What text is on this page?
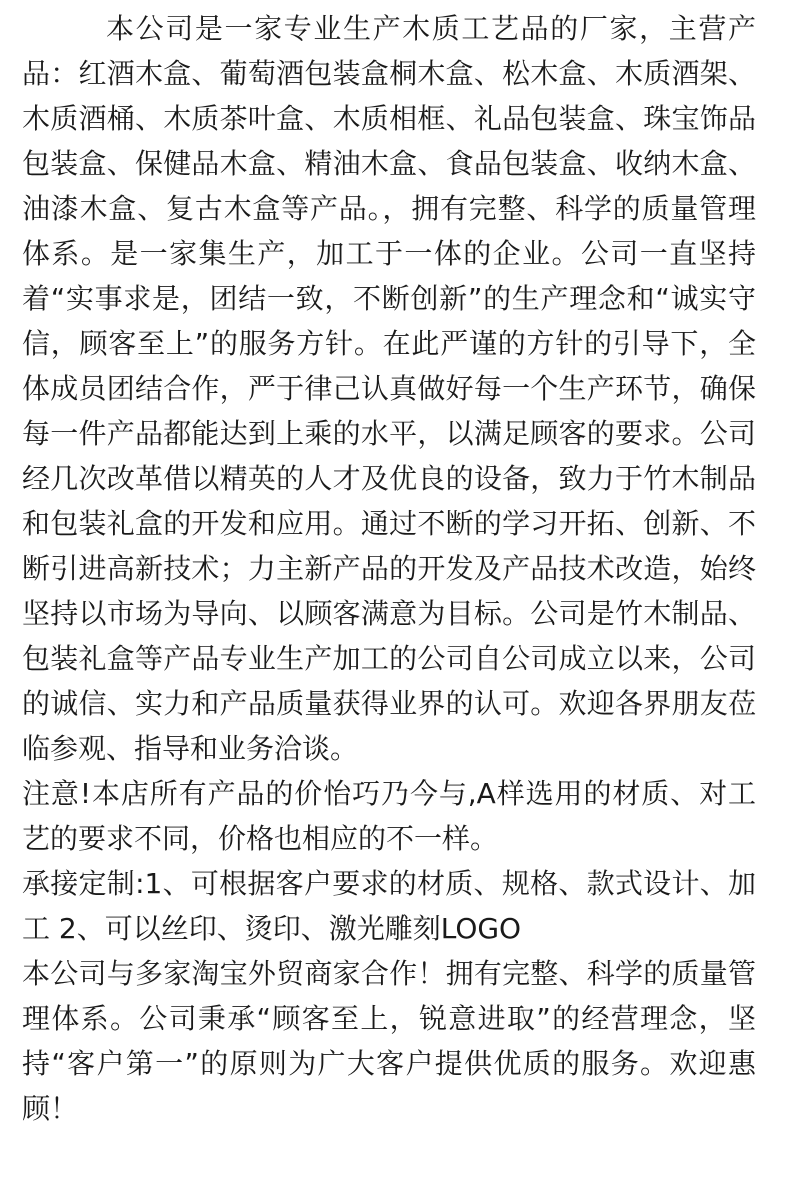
本公司是一家专业生产木质工艺品的厂家，主营产品：红酒木盒、葡萄酒包装盒桐木盒、松木盒、木质酒架、木质酒桶、木质茶叶盒、木质相框、礼品包装盒、珠宝饰品包装盒、保健品木盒、精油木盒、食品包装盒、收纳木盒、油漆木盒、复古木盒等产品。，拥有完整、科学的质量管理体系。是一家集生产，加工于一体的企业。公司一直坚持着“实事求是，团结一致，不断创新”的生产理念和“诚实守信，顾客至上”的服务方针。在此严谨的方针的引导下，全体成员团结合作，严于律己认真做好每一个生产环节，确保每一件产品都能达到上乘的水平，以满足顾客的要求。公司经几次改革借以精英的人才及优良的设备，致力于竹木制品和包装礼盒的开发和应用。通过不断的学习开拓、创新、不断引进高新技术；力主新产品的开发及产品技术改造，始终坚持以市场为导向、以顾客满意为目标。公司是竹木制品、包装礼盒等产品专业生产加工的公司自公司成立以来，公司的诚信、实力和产品质量获得业界的认可。欢迎各界朋友莅临参观、指导和业务洽谈。

注意!本店所有产品的价怡巧乃今与,A样选用的材质、对工艺的要求不同，价格也相应的不一样。

承接定制:1、可根据客户要求的材质、规格、款式设计、加工 2、可以丝印、烫印、激光雕刻LOGO

本公司与多家淘宝外贸商家合作！拥有完整、科学的质量管理体系。公司秉承“顾客至上，锐意进取”的经营理念，坚持“客户第一”的原则为广大客户提供优质的服务。欢迎惠顾！
